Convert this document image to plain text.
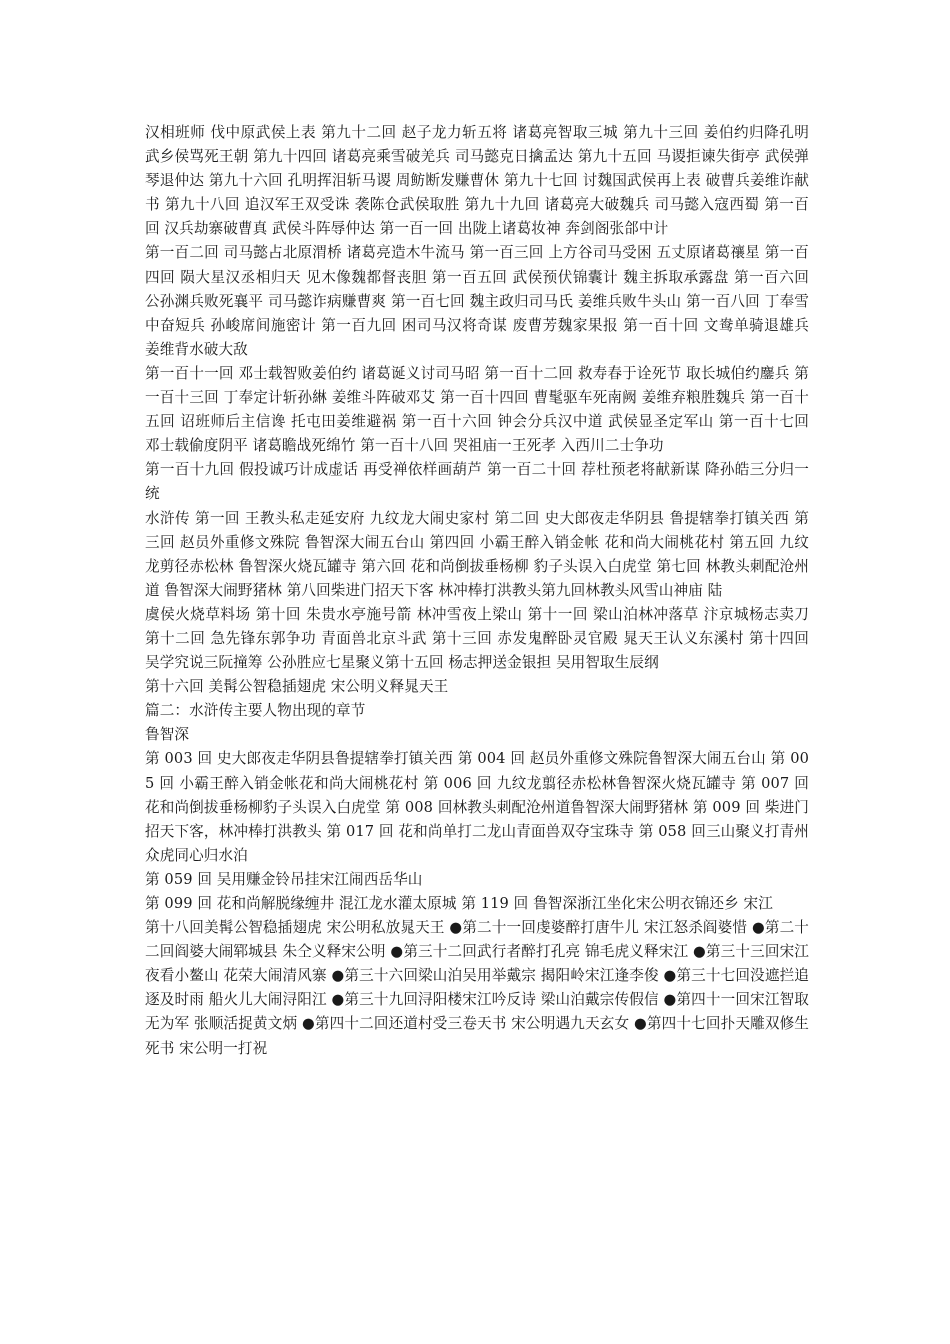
汉相班师 伐中原武侯上表 第九十二回 赵子龙力斩五将 诸葛亮智取三城 第九十三回 姜伯约归降孔明 武乡侯骂死王朝 第九十四回 诸葛亮乘雪破羌兵 司马懿克日擒孟达 第九十五回 马谡拒谏失街亭 武侯弹琴退仲达 第九十六回 孔明挥泪斩马谡 周鲂断发赚曹休 第九十七回 讨魏国武侯再上表 破曹兵姜维诈献书 第九十八回 追汉军王双受诛 袭陈仓武侯取胜 第九十九回 诸葛亮大破魏兵 司马懿入寇西蜀 第一百回 汉兵劫寨破曹真 武侯斗阵辱仲达 第一百一回 出陇上诸葛妆神 奔剑阁张郃中计

第一百二回 司马懿占北原渭桥 诸葛亮造木牛流马 第一百三回 上方谷司马受困 五丈原诸葛禳星 第一百四回 陨大星汉丞相归天 见木像魏都督丧胆 第一百五回 武侯预伏锦囊计 魏主拆取承露盘 第一百六回 公孙渊兵败死襄平 司马懿诈病赚曹爽 第一百七回 魏主政归司马氏 姜维兵败牛头山 第一百八回 丁奉雪中奋短兵 孙峻席间施密计 第一百九回 困司马汉将奇谋 废曹芳魏家果报 第一百十回 文鸯单骑退雄兵 姜维背水破大敌

第一百十一回 邓士载智败姜伯约 诸葛诞义讨司马昭 第一百十二回 救寿春于诠死节 取长城伯约鏖兵 第一百十三回 丁奉定计斩孙綝 姜维斗阵破邓艾 第一百十四回 曹髦驱车死南阙 姜维弃粮胜魏兵 第一百十五回 诏班师后主信谗 托屯田姜维避祸 第一百十六回 钟会分兵汉中道 武侯显圣定军山 第一百十七回 邓士载偷度阴平 诸葛瞻战死绵竹 第一百十八回 哭祖庙一王死孝 入西川二士争功

第一百十九回 假投诚巧计成虚话 再受禅依样画葫芦 第一百二十回 荐杜预老将献新谋 降孙皓三分归一统

水浒传 第一回 王教头私走延安府 九纹龙大闹史家村 第二回 史大郎夜走华阴县 鲁提辖拳打镇关西 第三回 赵员外重修文殊院 鲁智深大闹五台山 第四回 小霸王醉入销金帐 花和尚大闹桃花村 第五回 九纹龙剪径赤松林 鲁智深火烧瓦罐寺 第六回 花和尚倒拔垂杨柳 豹子头误入白虎堂 第七回 林教头刺配沧州道 鲁智深大闹野猪林 第八回柴进门招天下客 林冲棒打洪教头第九回林教头风雪山神庙 陆

虞侯火烧草料场 第十回 朱贵水亭施号箭 林冲雪夜上梁山 第十一回 梁山泊林冲落草 汴京城杨志卖刀 第十二回 急先锋东郭争功 青面兽北京斗武 第十三回 赤发鬼醉卧灵官殿 晁天王认义东溪村 第十四回 吴学究说三阮撞筹 公孙胜应七星聚义第十五回 杨志押送金银担 吴用智取生辰纲

第十六回 美髯公智稳插翅虎 宋公明义释晁天王

篇二：水浒传主要人物出现的章节

鲁智深

第 003 回 史大郎夜走华阴县鲁提辖拳打镇关西 第 004 回 赵员外重修文殊院鲁智深大闹五台山 第 005 回 小霸王醉入销金帐花和尚大闹桃花村 第 006 回 九纹龙翦径赤松林鲁智深火烧瓦罐寺 第 007 回 花和尚倒拔垂杨柳豹子头误入白虎堂 第 008 回林教头刺配沧州道鲁智深大闹野猪林 第 009 回 柴进门招天下客，林冲棒打洪教头 第 017 回 花和尚单打二龙山青面兽双夺宝珠寺 第 058 回三山聚义打青州 众虎同心归水泊

第 059 回 吴用赚金铃吊挂宋江闹西岳华山

第 099 回 花和尚解脱缘缠井 混江龙水灌太原城 第 119 回 鲁智深浙江坐化宋公明衣锦还乡 宋江

第十八回美髯公智稳插翅虎 宋公明私放晁天王 ●第二十一回虔婆醉打唐牛儿 宋江怒杀阎婆惜 ●第二十二回阎婆大闹郓城县 朱仝义释宋公明 ●第三十二回武行者醉打孔亮 锦毛虎义释宋江 ●第三十三回宋江夜看小鳌山 花荣大闹清风寨 ●第三十六回梁山泊吴用举戴宗 揭阳岭宋江逢李俊 ●第三十七回没遮拦追逐及时雨 船火儿大闹浔阳江 ●第三十九回浔阳楼宋江吟反诗 梁山泊戴宗传假信 ●第四十一回宋江智取无为军 张顺活捉黄文炳 ●第四十二回还道村受三卷天书 宋公明遇九天玄女 ●第四十七回扑天雕双修生死书 宋公明一打祝
